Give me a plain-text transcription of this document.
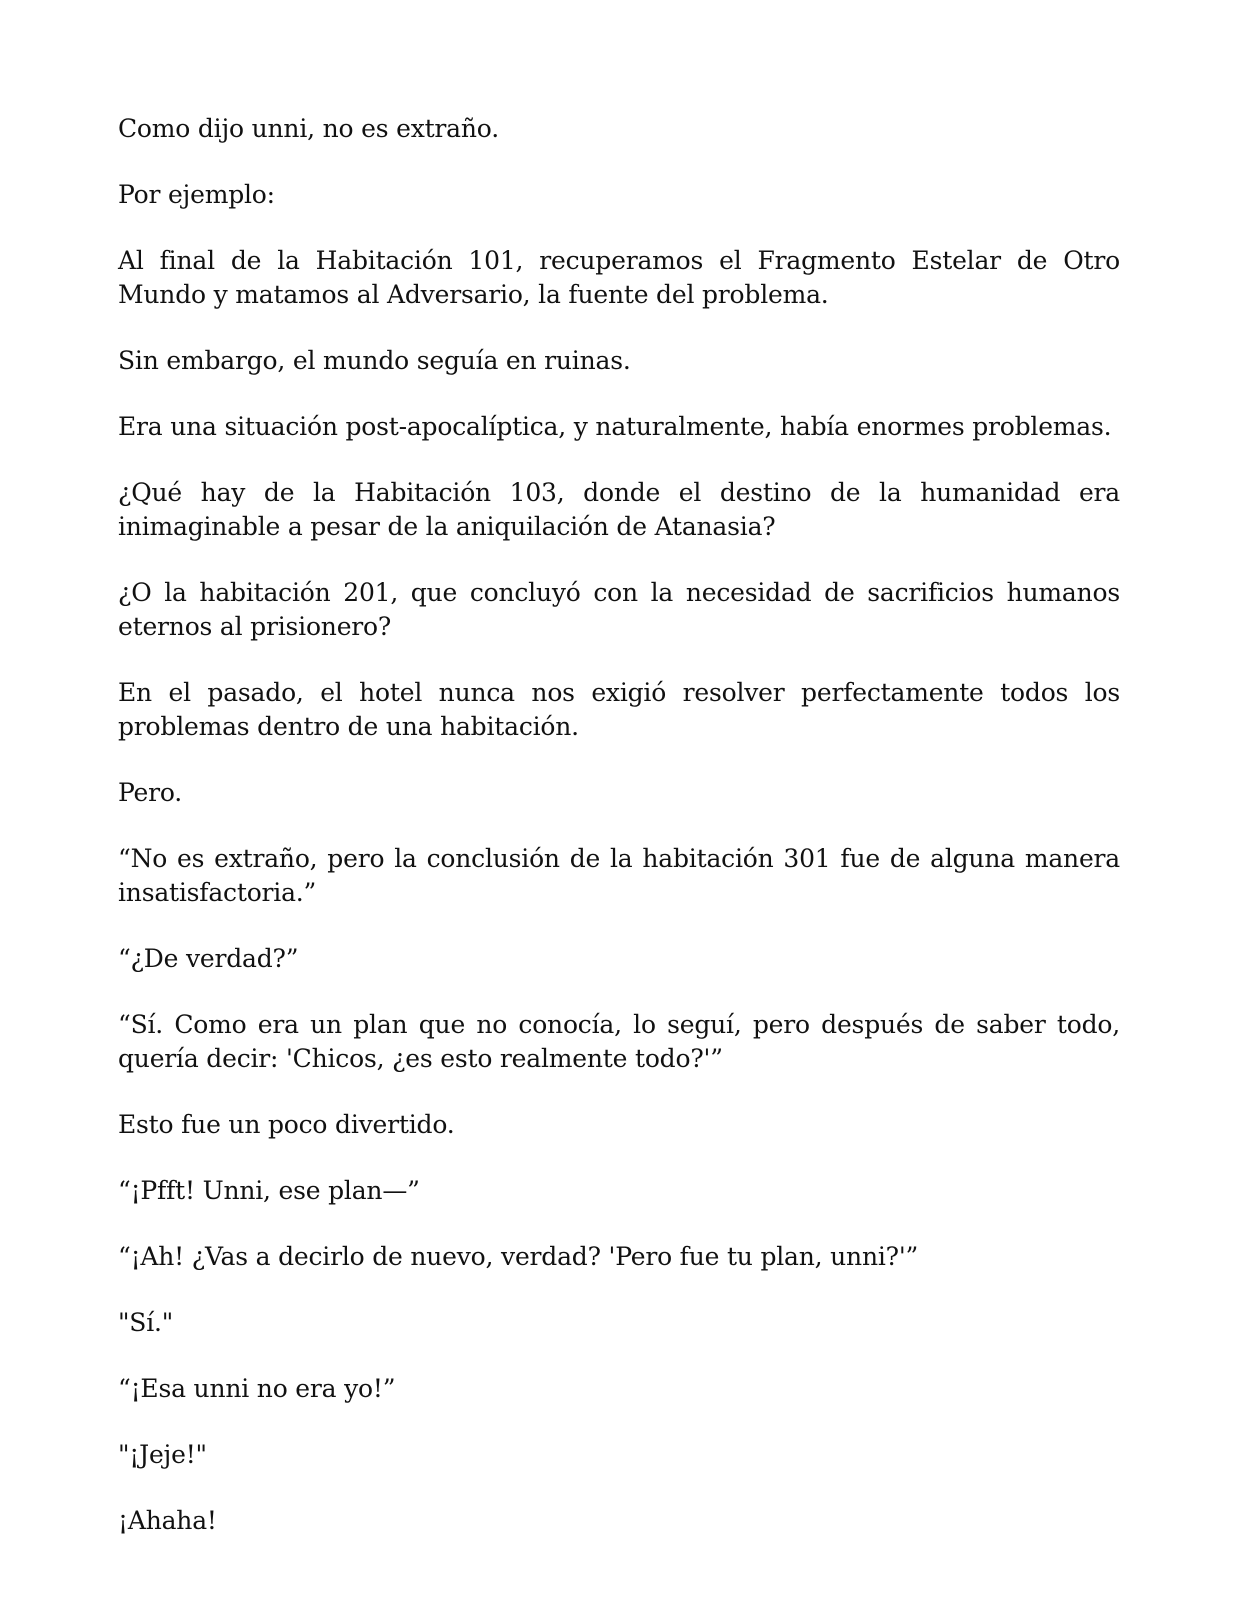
Como dijo unni, no es extraño.

Por ejemplo:

Al final de la Habitación 101, recuperamos el Fragmento Estelar de Otro Mundo y matamos al Adversario, la fuente del problema.

Sin embargo, el mundo seguía en ruinas.

Era una situación post-apocalíptica, y naturalmente, había enormes problemas.

¿Qué hay de la Habitación 103, donde el destino de la humanidad era inimaginable a pesar de la aniquilación de Atanasia?

¿O la habitación 201, que concluyó con la necesidad de sacrificios humanos eternos al prisionero?

En el pasado, el hotel nunca nos exigió resolver perfectamente todos los problemas dentro de una habitación.

Pero.

“No es extraño, pero la conclusión de la habitación 301 fue de alguna manera insatisfactoria.”

“¿De verdad?”

“Sí. Como era un plan que no conocía, lo seguí, pero después de saber todo, quería decir: 'Chicos, ¿es esto realmente todo?'”

Esto fue un poco divertido.

“¡Pfft! Unni, ese plan—”

“¡Ah! ¿Vas a decirlo de nuevo, verdad? 'Pero fue tu plan, unni?'”

"Sí."

“¡Esa unni no era yo!”

"¡Jeje!"

¡Ahaha!
